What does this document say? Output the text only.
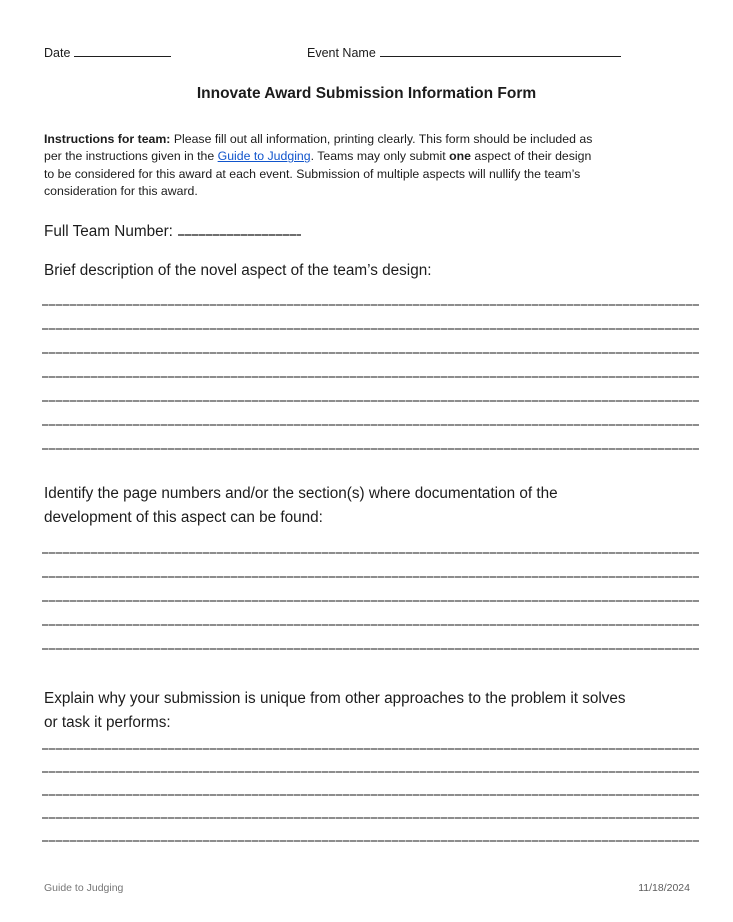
Date	Event Name
Innovate Award Submission Information Form
Instructions for team: Please fill out all information, printing clearly. This form should be included as
per the instructions given in the Guide to Judging. Teams may only submit one aspect of their design
to be considered for this award at each event. Submission of multiple aspects will nullify the team’s
consideration for this award.
Full Team Number:
Brief description of the novel aspect of the team’s design:
Identify the page numbers and/or the section(s) where documentation of the
development of this aspect can be found:
Explain why your submission is unique from other approaches to the problem it solves
or task it performs:
Guide to Judging	11/18/2024
